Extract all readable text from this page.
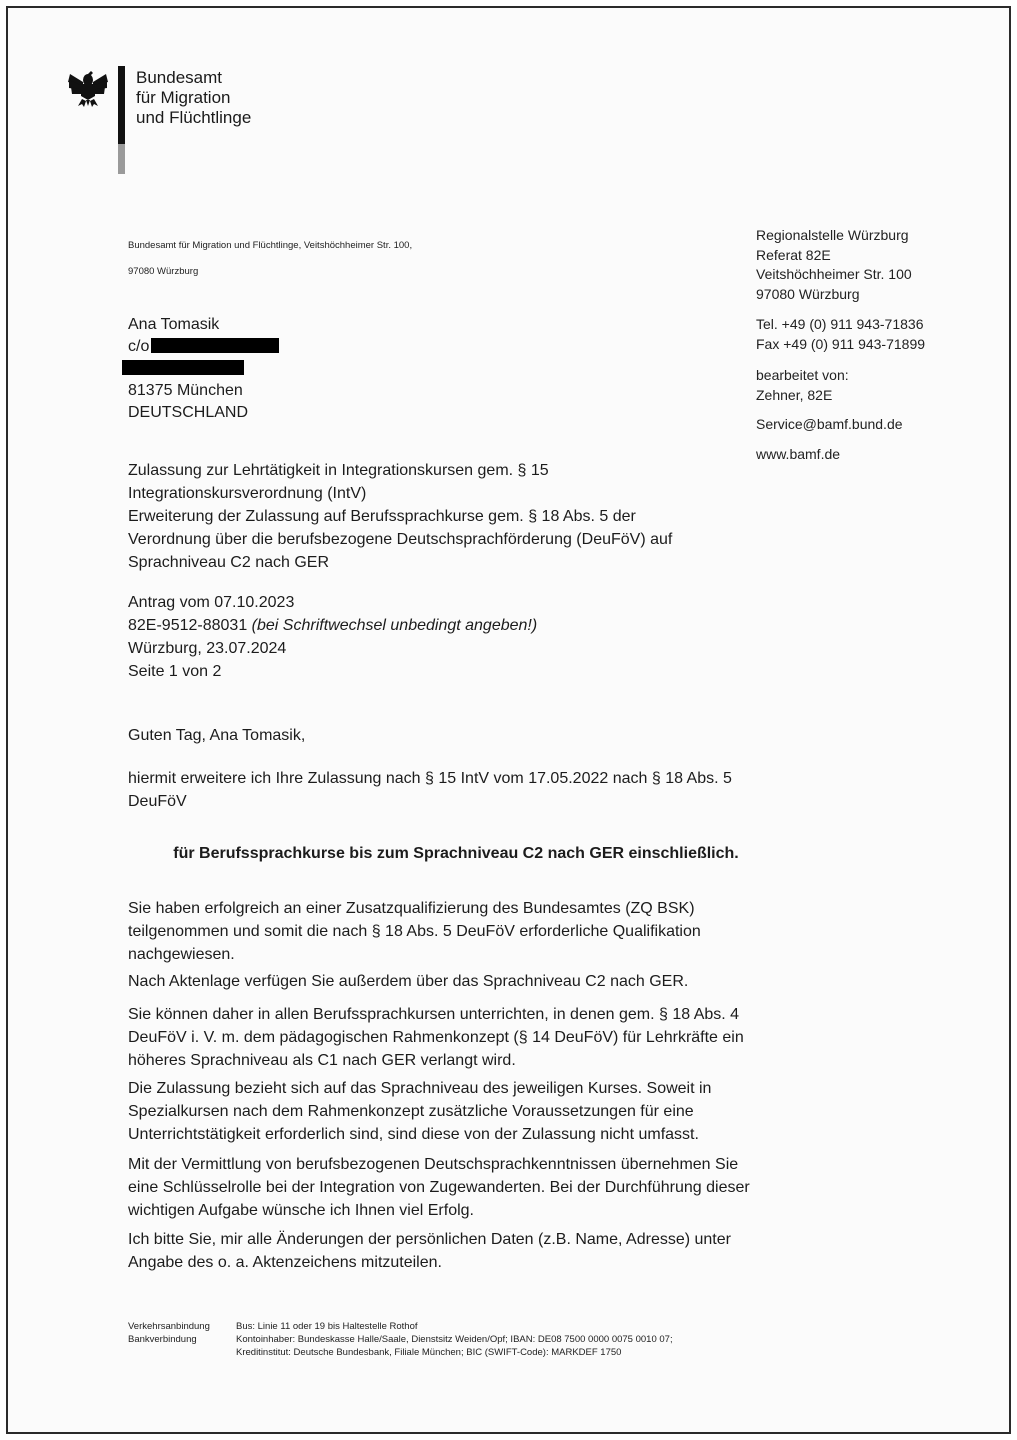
Bundesamt
für Migration
und Flüchtlinge
Bundesamt für Migration und Flüchtlinge, Veitshöchheimer Str. 100,
97080 Würzburg
Regionalstelle Würzburg
Referat 82E
Veitshöchheimer Str. 100
97080 Würzburg
Tel. +49 (0) 911 943-71836
Fax +49 (0) 911 943-71899
bearbeitet von:
Zehner, 82E
Service@bamf.bund.de
www.bamf.de
Ana Tomasik
c/o
81375 München
DEUTSCHLAND
Zulassung zur Lehrtätigkeit in Integrationskursen gem. § 15
Integrationskursverordnung (IntV)
Erweiterung der Zulassung auf Berufssprachkurse gem. § 18 Abs. 5 der
Verordnung über die berufsbezogene Deutschsprachförderung (DeuFöV) auf
Sprachniveau C2 nach GER
Antrag vom 07.10.2023
82E-9512-88031 (bei Schriftwechsel unbedingt angeben!)
Würzburg, 23.07.2024
Seite 1 von 2
Guten Tag, Ana Tomasik,
hiermit erweitere ich Ihre Zulassung nach § 15 IntV vom 17.05.2022 nach § 18 Abs. 5
DeuFöV
für Berufssprachkurse bis zum Sprachniveau C2 nach GER einschließlich.
Sie haben erfolgreich an einer Zusatzqualifizierung des Bundesamtes (ZQ BSK)
teilgenommen und somit die nach § 18 Abs. 5 DeuFöV erforderliche Qualifikation
nachgewiesen.
Nach Aktenlage verfügen Sie außerdem über das Sprachniveau C2 nach GER.
Sie können daher in allen Berufssprachkursen unterrichten, in denen gem. § 18 Abs. 4
DeuFöV i. V. m. dem pädagogischen Rahmenkonzept (§ 14 DeuFöV) für Lehrkräfte ein
höheres Sprachniveau als C1 nach GER verlangt wird.
Die Zulassung bezieht sich auf das Sprachniveau des jeweiligen Kurses. Soweit in
Spezialkursen nach dem Rahmenkonzept zusätzliche Voraussetzungen für eine
Unterrichtstätigkeit erforderlich sind, sind diese von der Zulassung nicht umfasst.
Mit der Vermittlung von berufsbezogenen Deutschsprachkenntnissen übernehmen Sie
eine Schlüsselrolle bei der Integration von Zugewanderten. Bei der Durchführung dieser
wichtigen Aufgabe wünsche ich Ihnen viel Erfolg.
Ich bitte Sie, mir alle Änderungen der persönlichen Daten (z.B. Name, Adresse) unter
Angabe des o. a. Aktenzeichens mitzuteilen.
Verkehrsanbindung	Bus: Linie 11 oder 19 bis Haltestelle Rothof
Bankverbindung	Kontoinhaber: Bundeskasse Halle/Saale, Dienstsitz Weiden/Opf; IBAN: DE08 7500 0000 0075 0010 07;
	Kreditinstitut: Deutsche Bundesbank, Filiale München; BIC (SWIFT-Code): MARKDEF 1750
